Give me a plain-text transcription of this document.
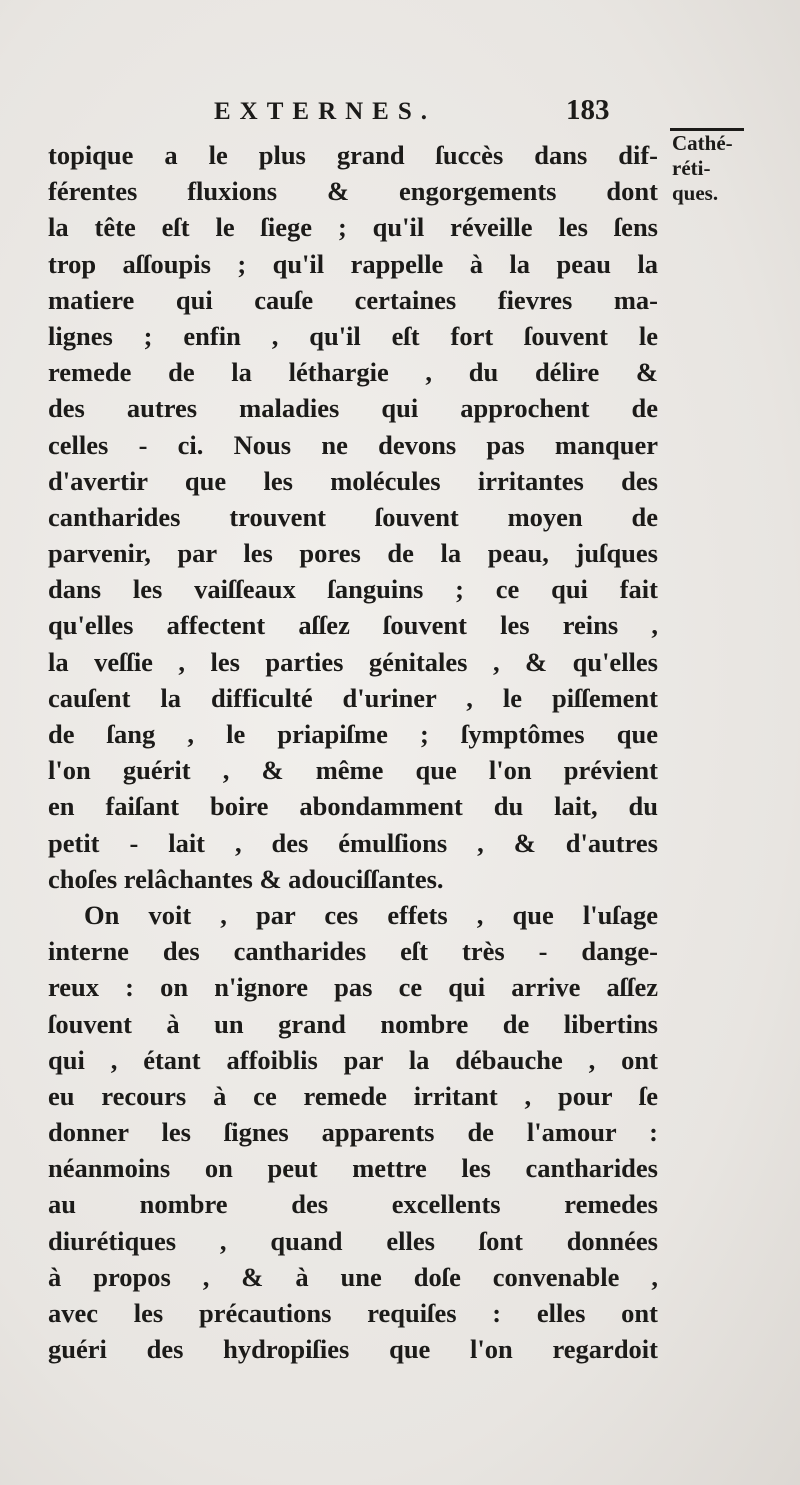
EXTERNES.	183
Cathé-
réti-
ques.
topique a le plus grand ſuccès dans dif-
férentes fluxions & engorgements dont
la tête eſt le ſiege ; qu'il réveille les ſens
trop aſſoupis ; qu'il rappelle à la peau la
matiere qui cauſe certaines fievres ma-
lignes ; enfin , qu'il eſt fort ſouvent le
remede de la léthargie , du délire &
des autres maladies qui approchent de
celles - ci. Nous ne devons pas manquer
d'avertir que les molécules irritantes des
cantharides trouvent ſouvent moyen de
parvenir, par les pores de la peau, juſques
dans les vaiſſeaux ſanguins ; ce qui fait
qu'elles affectent aſſez ſouvent les reins ,
la veſſie , les parties génitales , & qu'elles
cauſent la difficulté d'uriner , le piſſement
de ſang , le priapiſme ; ſymptômes que
l'on guérit , & même que l'on prévient
en faiſant boire abondamment du lait, du
petit - lait , des émulſions , & d'autres
choſes relâchantes & adouciſſantes.
On voit , par ces effets , que l'uſage
interne des cantharides eſt très - dange-
reux : on n'ignore pas ce qui arrive aſſez
ſouvent à un grand nombre de libertins
qui , étant affoiblis par la débauche , ont
eu recours à ce remede irritant , pour ſe
donner les ſignes apparents de l'amour :
néanmoins on peut mettre les cantharides
au nombre des excellents remedes
diurétiques , quand elles ſont données
à propos , & à une doſe convenable ,
avec les précautions requiſes : elles ont
guéri des hydropiſies que l'on regardoit
